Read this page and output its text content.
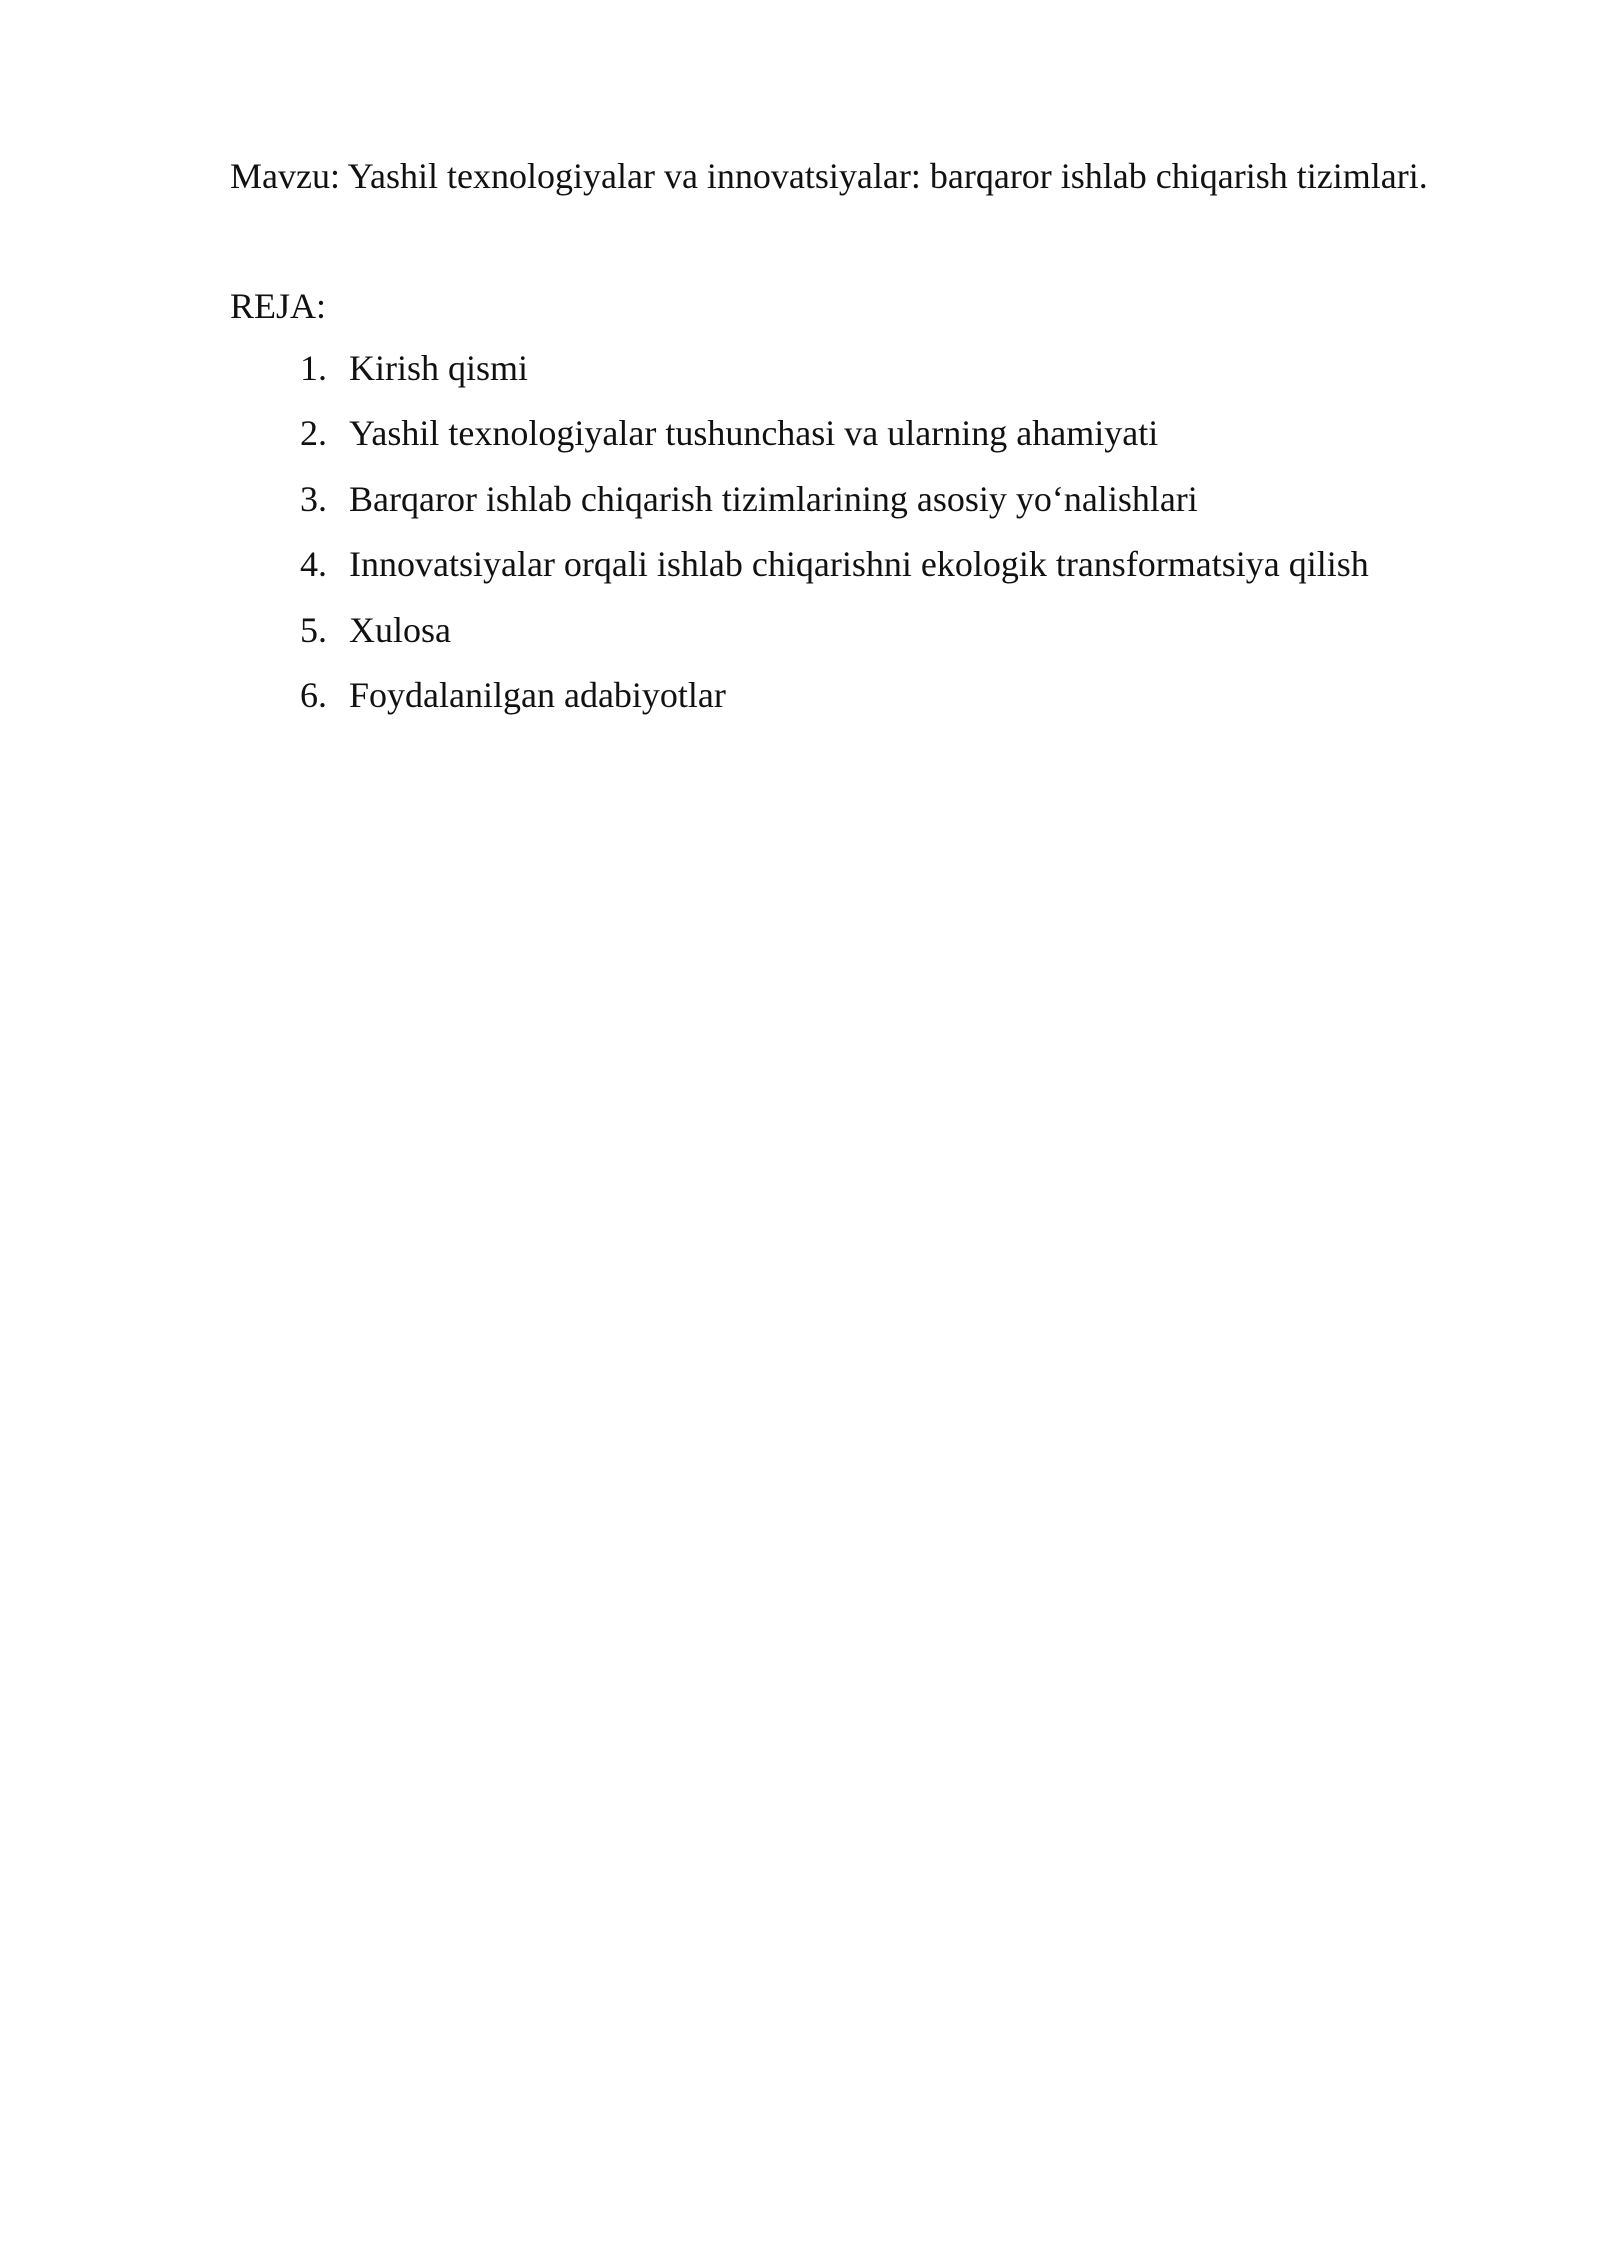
Mavzu: Yashil texnologiyalar va innovatsiyalar: barqaror ishlab chiqarish tizimlari.
REJA:
1. Kirish qismi
2. Yashil texnologiyalar tushunchasi va ularning ahamiyati
3. Barqaror ishlab chiqarish tizimlarining asosiy yo‘nalishlari
4. Innovatsiyalar orqali ishlab chiqarishni ekologik transformatsiya qilish
5. Xulosa
6. Foydalanilgan adabiyotlar
